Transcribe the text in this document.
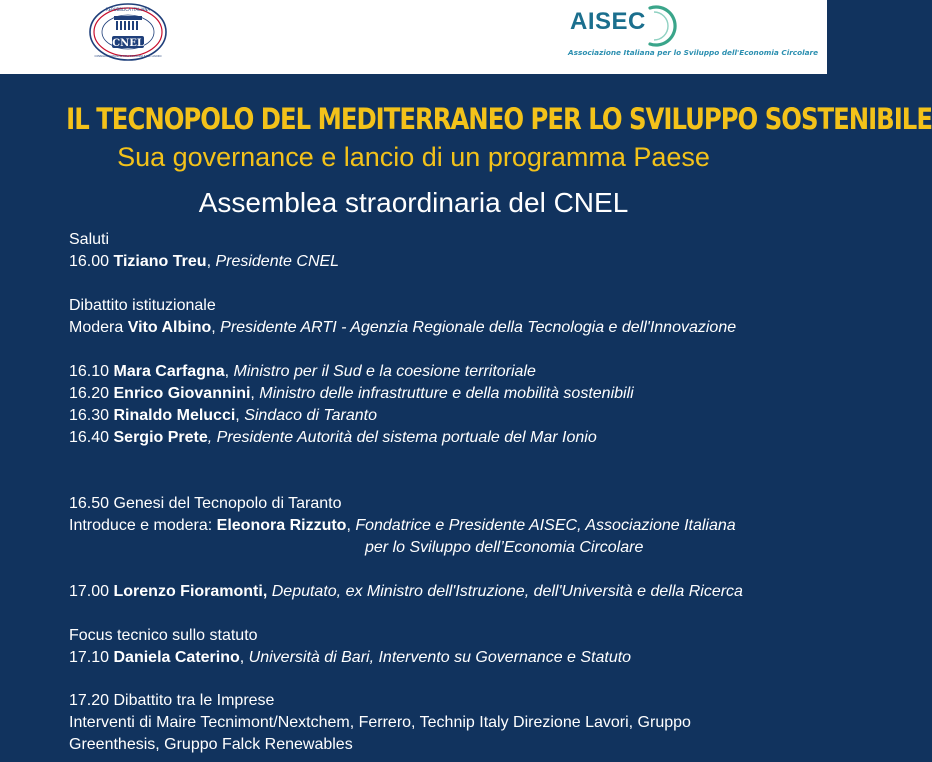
CNEL
REPUBBLICA ITALIANA
CONSIGLIO NAZIONALE DELL'ECONOMIA E DEL LAVORO
AISEC
Associazione Italiana per lo Sviluppo dell'Economia Circolare
IL TECNOPOLO DEL MEDITERRANEO PER LO SVILUPPO SOSTENIBILE
Sua governance e lancio di un programma Paese
Assemblea straordinaria del CNEL
Saluti
16.00 Tiziano Treu, Presidente CNEL
Dibattito istituzionale
Modera Vito Albino, Presidente ARTI - Agenzia Regionale della Tecnologia e dell'Innovazione
16.10 Mara Carfagna, Ministro per il Sud e la coesione territoriale
16.20 Enrico Giovannini, Ministro delle infrastrutture e della mobilità sostenibili
16.30 Rinaldo Melucci, Sindaco di Taranto
16.40 Sergio Prete, Presidente Autorità del sistema portuale del Mar Ionio
16.50 Genesi del Tecnopolo di Taranto
Introduce e modera: Eleonora Rizzuto, Fondatrice e Presidente AISEC, Associazione Italiana
per lo Sviluppo dell’Economia Circolare
17.00 Lorenzo Fioramonti, Deputato, ex Ministro dell'Istruzione, dell'Università e della Ricerca
Focus tecnico sullo statuto
17.10 Daniela Caterino, Università di Bari, Intervento su Governance e Statuto
17.20 Dibattito tra le Imprese
Interventi di Maire Tecnimont/Nextchem, Ferrero, Technip Italy Direzione Lavori, Gruppo
Greenthesis, Gruppo Falck Renewables
